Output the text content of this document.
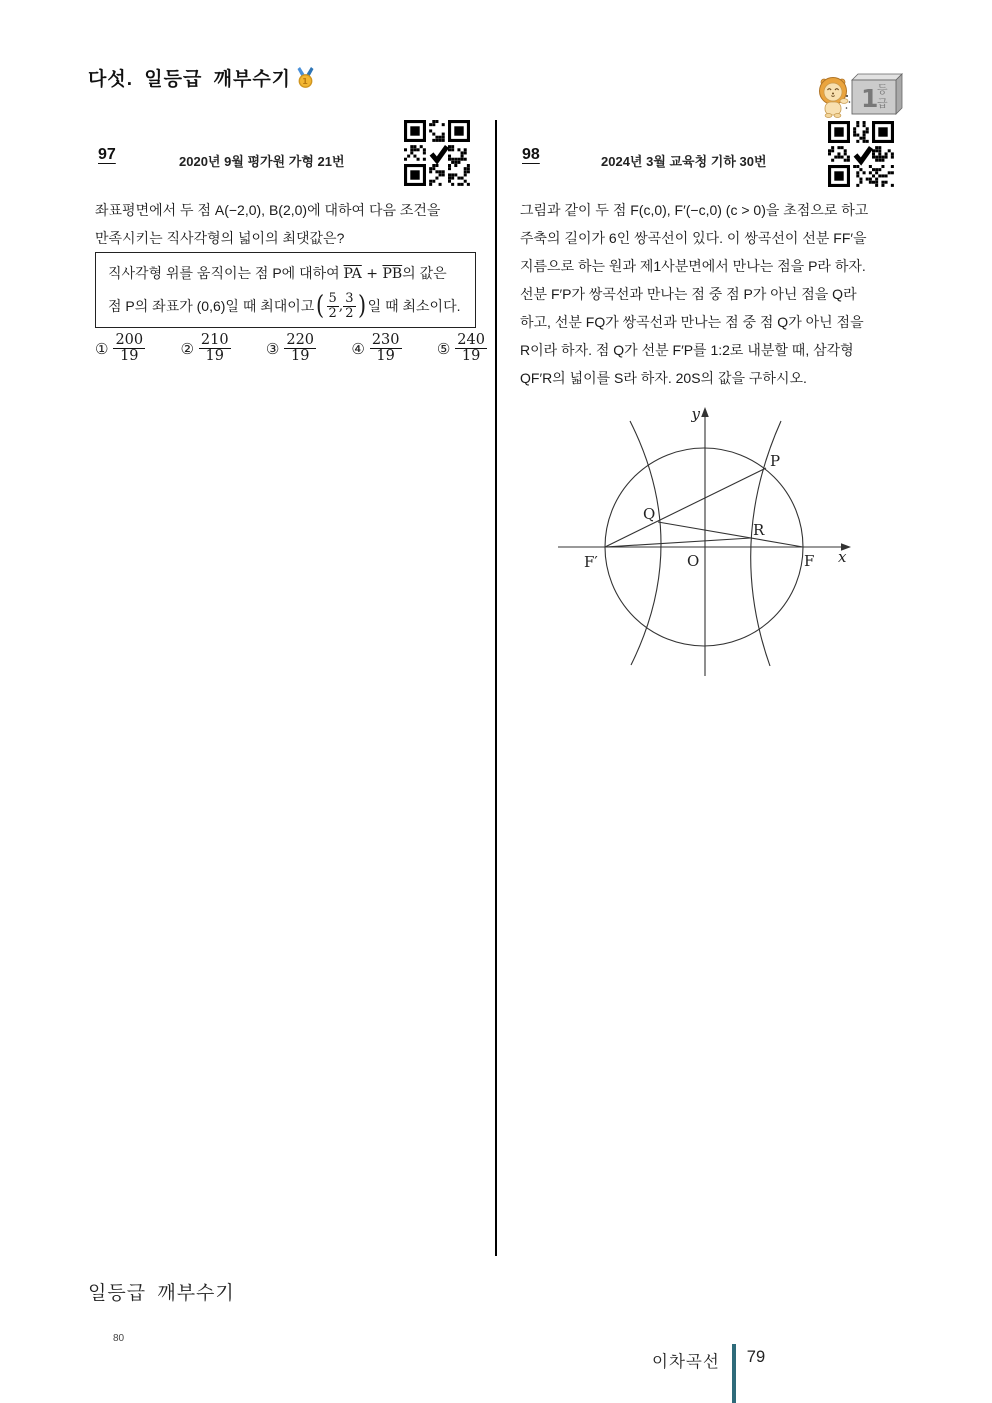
다섯. 일등급 깨부수기 1
1
등
급
97	2020년 9월 평가원 가형 21번
좌표평면에서 두 점 A(−2,0), B(2,0)에 대하여 다음 조건을
만족시키는 직사각형의 넓이의 최댓값은?
직사각형 위를 움직이는 점 P에 대하여 $\overline{PA} + \overline{PB}$의 값은
점 P의 좌표가 (0,6)일 때 최대이고 ( $\frac{5}{2}$ , $\frac{3}{2}$ ) 일 때 최소이다.
① $\frac{200}{19}$ ② $\frac{210}{19}$ ③ $\frac{220}{19}$ ④ $\frac{230}{19}$ ⑤ $\frac{240}{19}$
98	2024년 3월 교육청 기하 30번
그림과 같이 두 점 F(c,0), F′(−c,0) (c > 0)을 초점으로 하고
주축의 길이가 6인 쌍곡선이 있다. 이 쌍곡선이 선분 FF′을
지름으로 하는 원과 제1사분면에서 만나는 점을 P라 하자.
선분 F′P가 쌍곡선과 만나는 점 중 점 P가 아닌 점을 Q라
하고, 선분 FQ가 쌍곡선과 만나는 점 중 점 Q가 아닌 점을
R이라 하자. 점 Q가 선분 F′P를 1:2로 내분할 때, 삼각형
QF′R의 넓이를 S라 하자. 20S의 값을 구하시오.
y
x
F′	O	F
P
Q
R
일등급 깨부수기
80
이차곡선 79
